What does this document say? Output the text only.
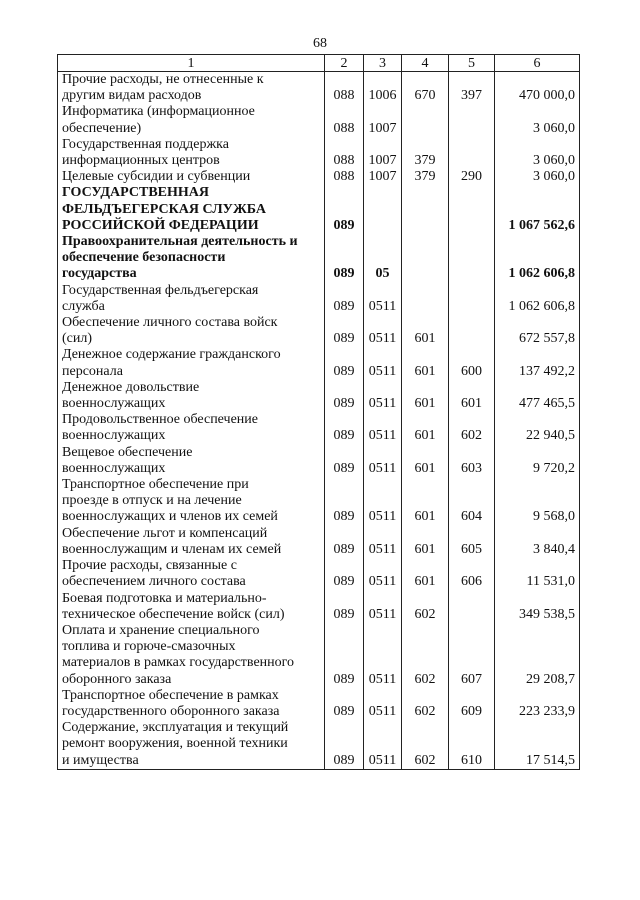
68
1	2	3	4	5	6

Прочие расходы, не отнесенные к
другим видам расходов	088	1006	670	397	470 000,0

Информатика (информационное
обеспечение)	088	1007			3 060,0

Государственная поддержка
информационных центров	088	1007	379		3 060,0

Целевые субсидии и субвенции	088	1007	379	290	3 060,0

ГОСУДАРСТВЕННАЯ
ФЕЛЬДЪЕГЕРСКАЯ СЛУЖБА
РОССИЙСКОЙ ФЕДЕРАЦИИ	089				1 067 562,6

Правоохранительная деятельность и
обеспечение безопасности
государства	089	05			1 062 606,8

Государственная фельдъегерская
служба	089	0511			1 062 606,8

Обеспечение личного состава войск
(сил)	089	0511	601		672 557,8

Денежное содержание гражданского
персонала	089	0511	601	600	137 492,2

Денежное довольствие
военнослужащих	089	0511	601	601	477 465,5

Продовольственное обеспечение
военнослужащих	089	0511	601	602	22 940,5

Вещевое обеспечение
военнослужащих	089	0511	601	603	9 720,2

Транспортное обеспечение при
проезде в отпуск и на лечение
военнослужащих и членов их семей	089	0511	601	604	9 568,0

Обеспечение льгот и компенсаций
военнослужащим и членам их семей	089	0511	601	605	3 840,4

Прочие расходы, связанные с
обеспечением личного состава	089	0511	601	606	11 531,0

Боевая подготовка и материально-
техническое обеспечение войск (сил)	089	0511	602		349 538,5

Оплата и хранение специального
топлива и горюче-смазочных
материалов в рамках государственного
оборонного заказа	089	0511	602	607	29 208,7

Транспортное обеспечение в рамках
государственного оборонного заказа	089	0511	602	609	223 233,9

Содержание, эксплуатация и текущий
ремонт вооружения, военной техники
и имущества	089	0511	602	610	17 514,5
